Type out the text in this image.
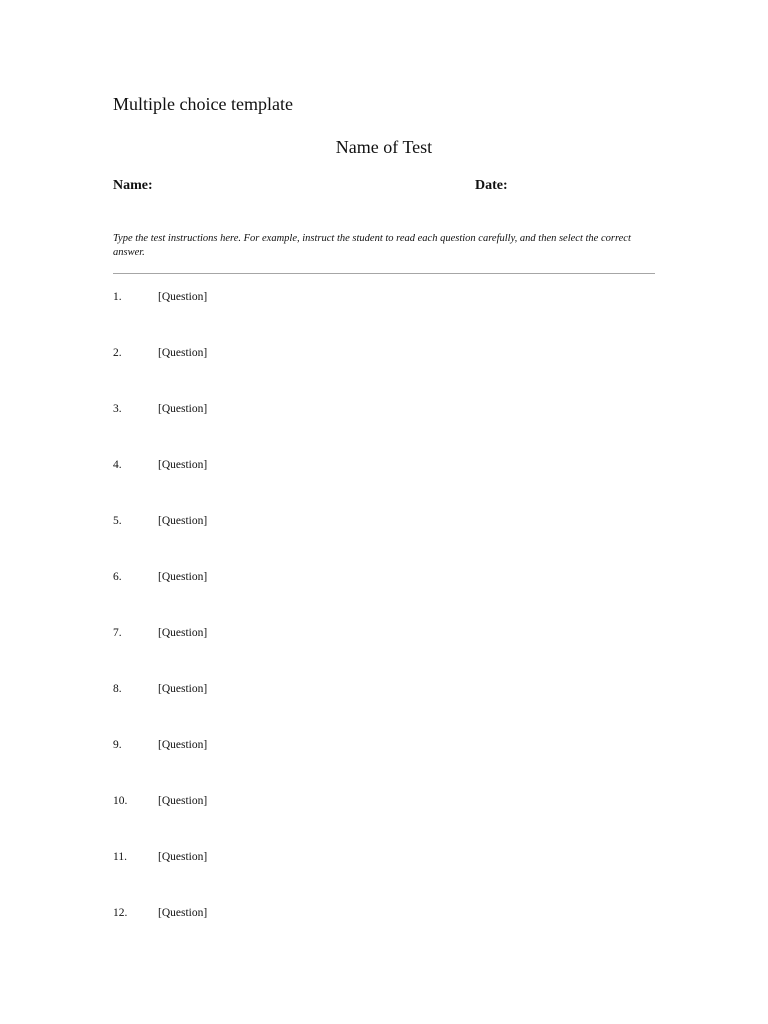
Multiple choice template
Name of Test
Name:	Date:
Type the test instructions here. For example, instruct the student to read each question carefully, and then select the correct answer.
1.	[Question]
2.	[Question]
3.	[Question]
4.	[Question]
5.	[Question]
6.	[Question]
7.	[Question]
8.	[Question]
9.	[Question]
10.	[Question]
11.	[Question]
12.	[Question]
